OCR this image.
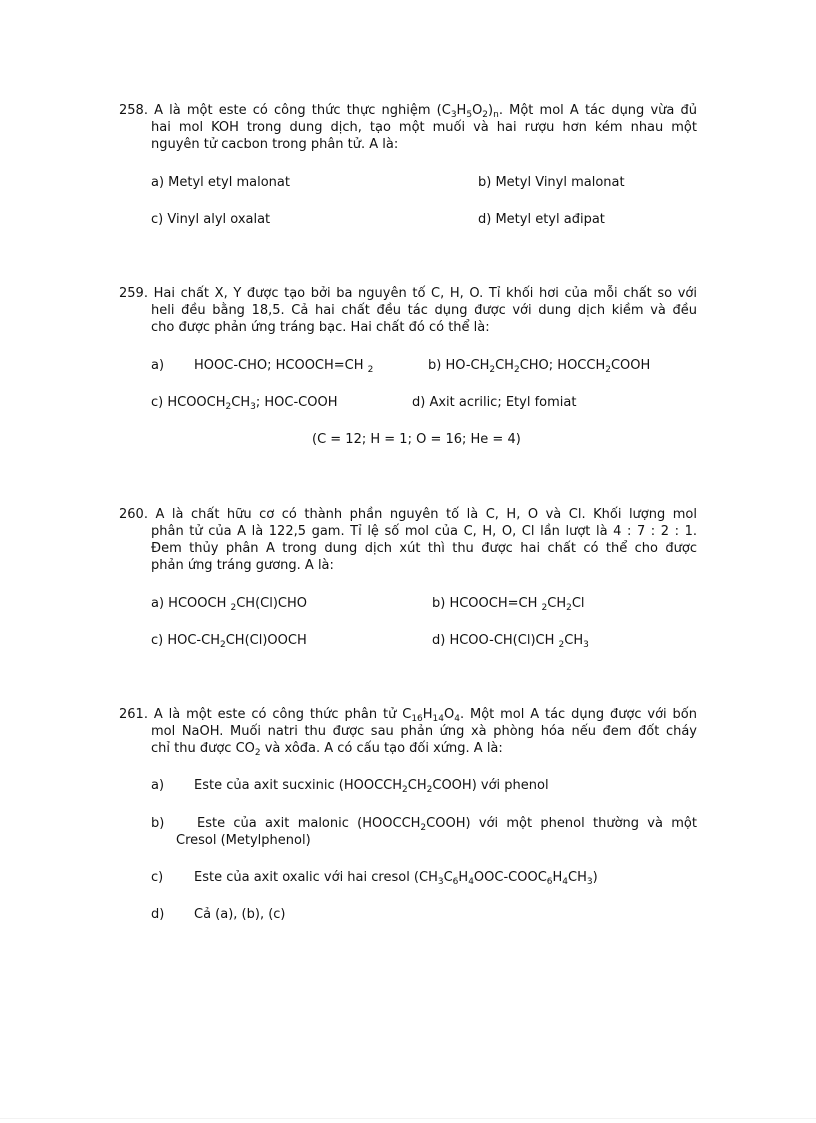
258. A là một este có công thức thực nghiệm $(C_3H_5O_2)_n$. Một mol A tác dụng vừa đủ
hai mol KOH trong dung dịch, tạo một muối và hai rượu hơn kém nhau một
nguyên tử cacbon trong phân tử. A là:
a) Metyl etyl malonat	b) Metyl Vinyl malonat
c) Vinyl alyl oxalat	d) Metyl etyl ađipat
259. Hai chất X, Y được tạo bởi ba nguyên tố C, H, O. Tỉ khối hơi của mỗi chất so với
heli đều bằng 18,5. Cả hai chất đều tác dụng được với dung dịch kiềm và đều
cho được phản ứng tráng bạc. Hai chất đó có thể là:
a) HOOC-CHO; HCOOCH=CH $_2$	b) $HO-CH_2CH_2CHO$; $HOCCH_2COOH$
c) $HCOOCH_2CH_3$; HOC-COOH	d) Axit acrilic; Etyl fomiat
(C = 12; H = 1; O = 16; He = 4)
260. A là chất hữu cơ có thành phần nguyên tố là C, H, O và Cl. Khối lượng mol
phân tử của A là 122,5 gam. Tỉ lệ số mol của C, H, O, Cl lần lượt là 4 : 7 : 2 : 1.
Đem thủy phân A trong dung dịch xút thì thu được hai chất có thể cho được
phản ứng tráng gương. A là:
a) HCOOCH $_2$CH(Cl)CHO	b) HCOOCH=CH $_2CH_2Cl$
c) HOC-$CH_2CH(Cl)OOCH$	d) HCOO-CH(Cl)CH $_2CH_3$
261. A là một este có công thức phân tử $C_{16}H_{14}O_4$. Một mol A tác dụng được với bốn
mol NaOH. Muối natri thu được sau phản ứng xà phòng hóa nếu đem đốt cháy
chỉ thu được $CO_2$ và xôđa. A có cấu tạo đối xứng. A là:
a) Este của axit sucxinic $(HOOCCH_2CH_2COOH)$ với phenol
b)	Este của axit malonic $(HOOCCH_2COOH)$ với một phenol thường và một
Cresol (Metylphenol)
c) Este của axit oxalic với hai cresol $(CH_3C_6H_4OOC-COOC_6H_4CH_3)$
d) Cả (a), (b), (c)
